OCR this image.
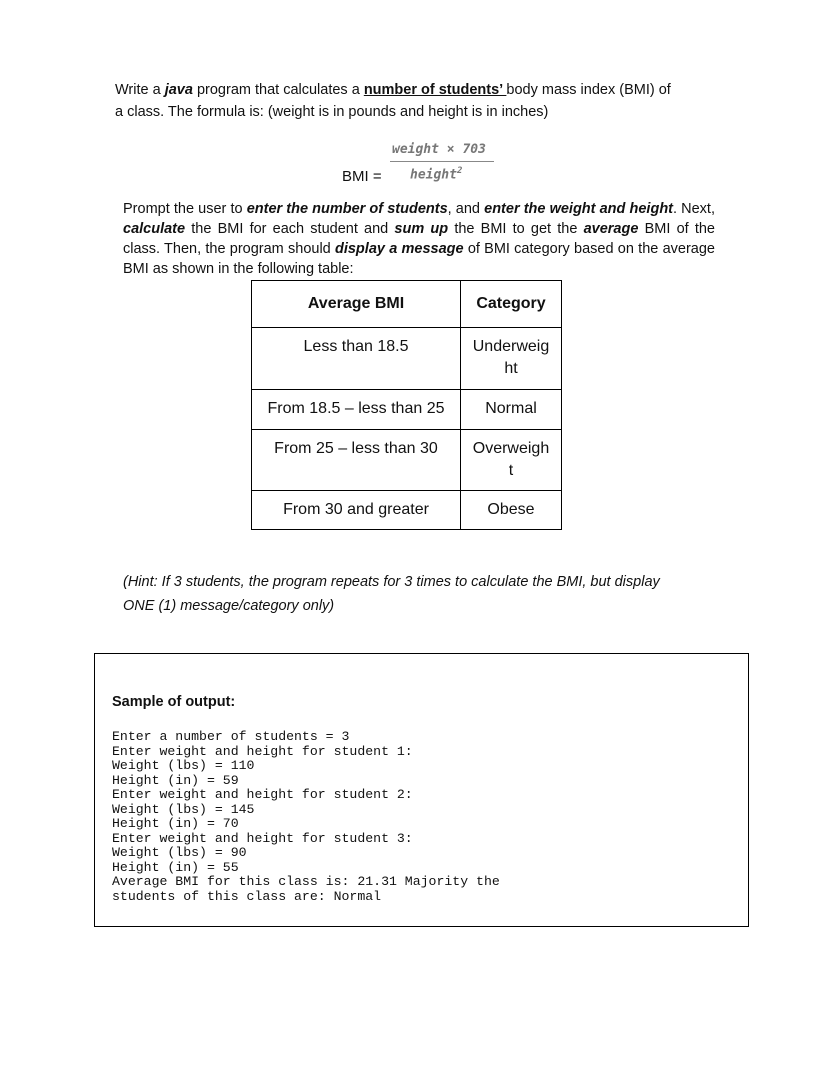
Write a java program that calculates a number of students’ body mass index (BMI) of

a class. The formula is: (weight is in pounds and height is in inches)

BMI =
weight × 703
height$^2$

Prompt the user to enter the number of students, and enter the weight and height. Next, calculate the BMI for each student and sum up the BMI to get the average BMI of the class. Then, the program should display a message of BMI category based on the average BMI as shown in the following table:

Average BMI	Category
Less than 18.5	Underweig
ht
From 18.5 – less than 25	Normal
From 25 – less than 30	Overweigh
t
From 30 and greater	Obese

(Hint: If 3 students, the program repeats for 3 times to calculate the BMI, but display

ONE (1) message/category only)

Sample of output:
Enter a number of students = 3
Enter weight and height for student 1:
Weight (lbs) = 110
Height (in) = 59
Enter weight and height for student 2:
Weight (lbs) = 145
Height (in) = 70
Enter weight and height for student 3:
Weight (lbs) = 90
Height (in) = 55
Average BMI for this class is: 21.31 Majority the
students of this class are: Normal
